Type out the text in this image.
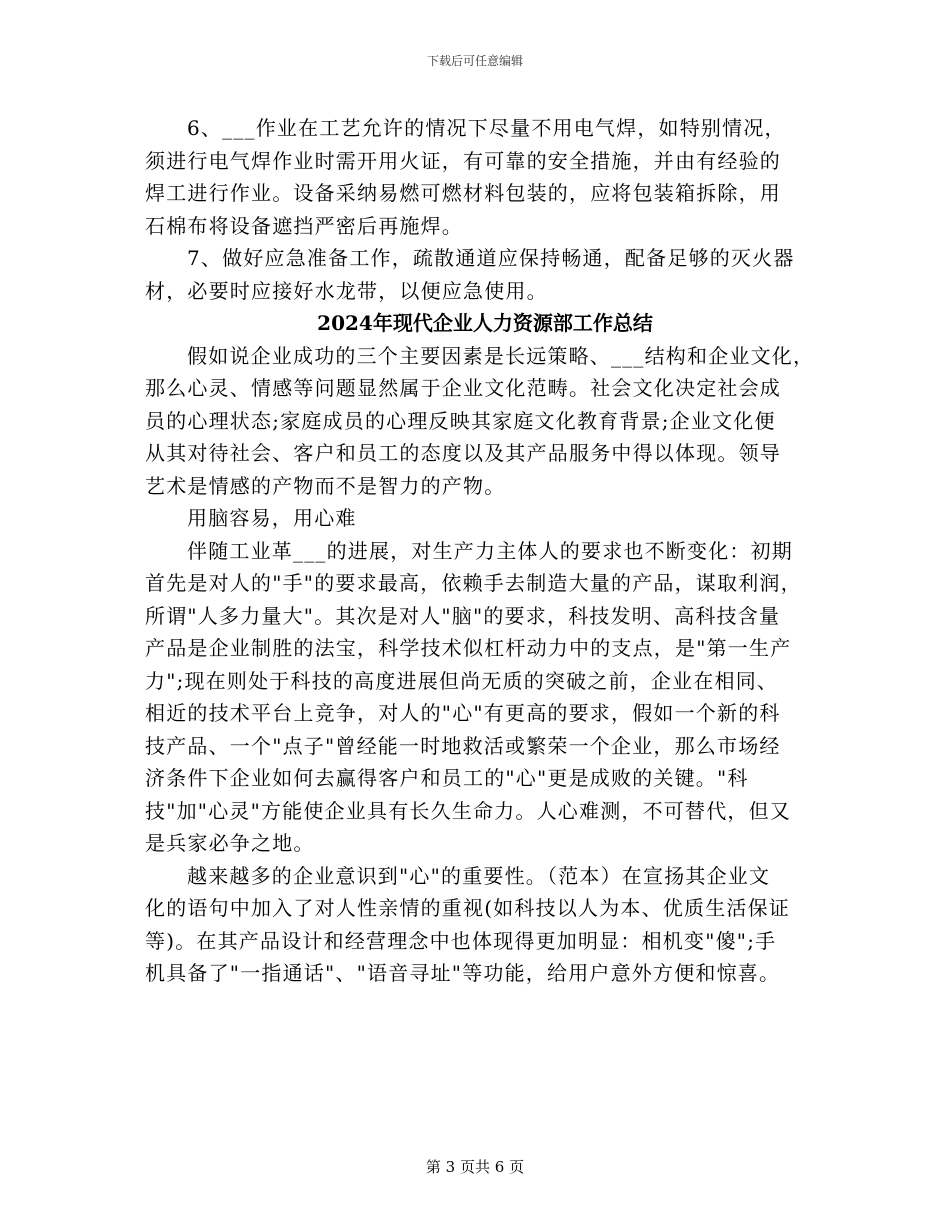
下载后可任意编辑
6、___作业在工艺允许的情况下尽量不用电气焊，如特别情况，
须进行电气焊作业时需开用火证，有可靠的安全措施，并由有经验的
焊工进行作业。设备采纳易燃可燃材料包装的，应将包装箱拆除，用
石棉布将设备遮挡严密后再施焊。
7、做好应急准备工作，疏散通道应保持畅通，配备足够的灭火器
材，必要时应接好水龙带，以便应急使用。
2024年现代企业人力资源部工作总结
假如说企业成功的三个主要因素是长远策略、___结构和企业文化，
那么心灵、情感等问题显然属于企业文化范畴。社会文化决定社会成
员的心理状态;家庭成员的心理反映其家庭文化教育背景;企业文化便
从其对待社会、客户和员工的态度以及其产品服务中得以体现。领导
艺术是情感的产物而不是智力的产物。
用脑容易，用心难
伴随工业革___的进展，对生产力主体人的要求也不断变化：初期
首先是对人的"手"的要求最高，依赖手去制造大量的产品，谋取利润，
所谓"人多力量大"。其次是对人"脑"的要求，科技发明、高科技含量
产品是企业制胜的法宝，科学技术似杠杆动力中的支点，是"第一生产
力";现在则处于科技的高度进展但尚无质的突破之前，企业在相同、
相近的技术平台上竞争，对人的"心"有更高的要求，假如一个新的科
技产品、一个"点子"曾经能一时地救活或繁荣一个企业，那么市场经
济条件下企业如何去赢得客户和员工的"心"更是成败的关键。"科
技"加"心灵"方能使企业具有长久生命力。人心难测，不可替代，但又
是兵家必争之地。
越来越多的企业意识到"心"的重要性。（范本）在宣扬其企业文
化的语句中加入了对人性亲情的重视(如科技以人为本、优质生活保证
等)。在其产品设计和经营理念中也体现得更加明显：相机变"傻";手
机具备了"一指通话"、"语音寻址"等功能，给用户意外方便和惊喜。
第 3 页共 6 页
